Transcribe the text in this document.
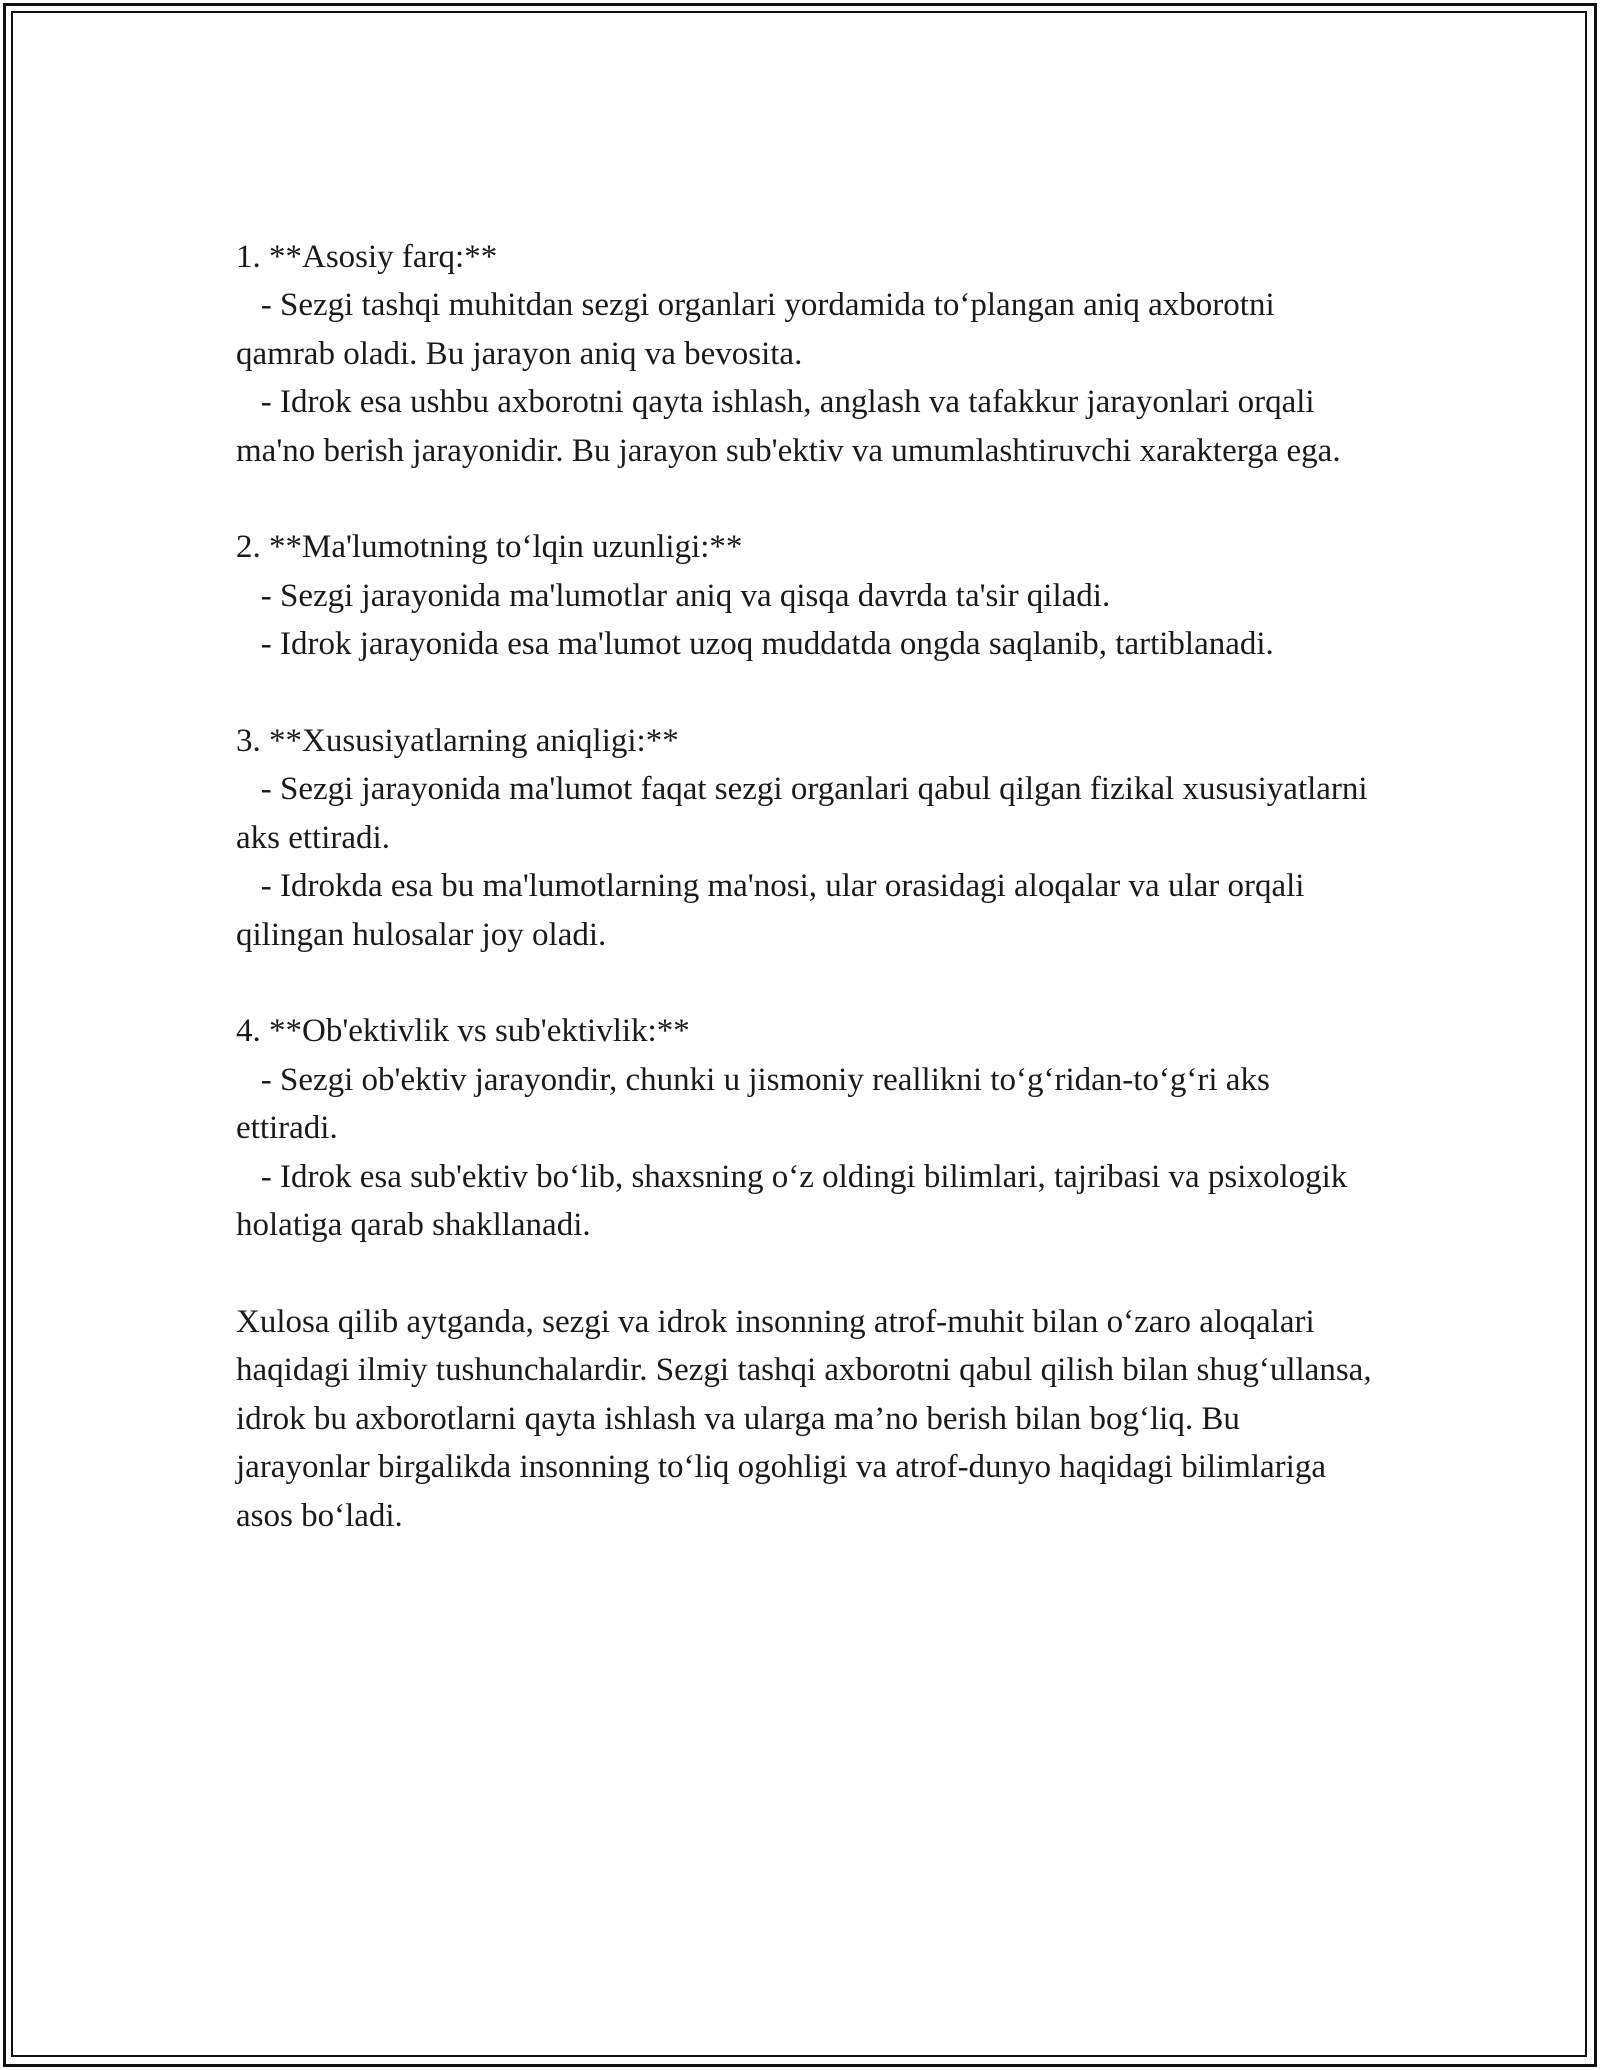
1. **Asosiy farq:**
- Sezgi tashqi muhitdan sezgi organlari yordamida to‘plangan aniq axborotni qamrab oladi. Bu jarayon aniq va bevosita.
- Idrok esa ushbu axborotni qayta ishlash, anglash va tafakkur jarayonlari orqali ma'no berish jarayonidir. Bu jarayon sub'ektiv va umumlashtiruvchi xarakterga ega.
2. **Ma'lumotning to‘lqin uzunligi:**
- Sezgi jarayonida ma'lumotlar aniq va qisqa davrda ta'sir qiladi.
- Idrok jarayonida esa ma'lumot uzoq muddatda ongda saqlanib, tartiblanadi.
3. **Xususiyatlarning aniqligi:**
- Sezgi jarayonida ma'lumot faqat sezgi organlari qabul qilgan fizikal xususiyatlarni aks ettiradi.
- Idrokda esa bu ma'lumotlarning ma'nosi, ular orasidagi aloqalar va ular orqali qilingan hulosalar joy oladi.
4. **Ob'ektivlik vs sub'ektivlik:**
- Sezgi ob'ektiv jarayondir, chunki u jismoniy reallikni to‘g‘ridan-to‘g‘ri aks ettiradi.
- Idrok esa sub'ektiv bo‘lib, shaxsning o‘z oldingi bilimlari, tajribasi va psixologik holatiga qarab shakllanadi.
Xulosa qilib aytganda, sezgi va idrok insonning atrof-muhit bilan o‘zaro aloqalari haqidagi ilmiy tushunchalardir. Sezgi tashqi axborotni qabul qilish bilan shug‘ullansa, idrok bu axborotlarni qayta ishlash va ularga ma’no berish bilan bog‘liq. Bu jarayonlar birgalikda insonning to‘liq ogohligi va atrof-dunyo haqidagi bilimlariga asos bo‘ladi.
